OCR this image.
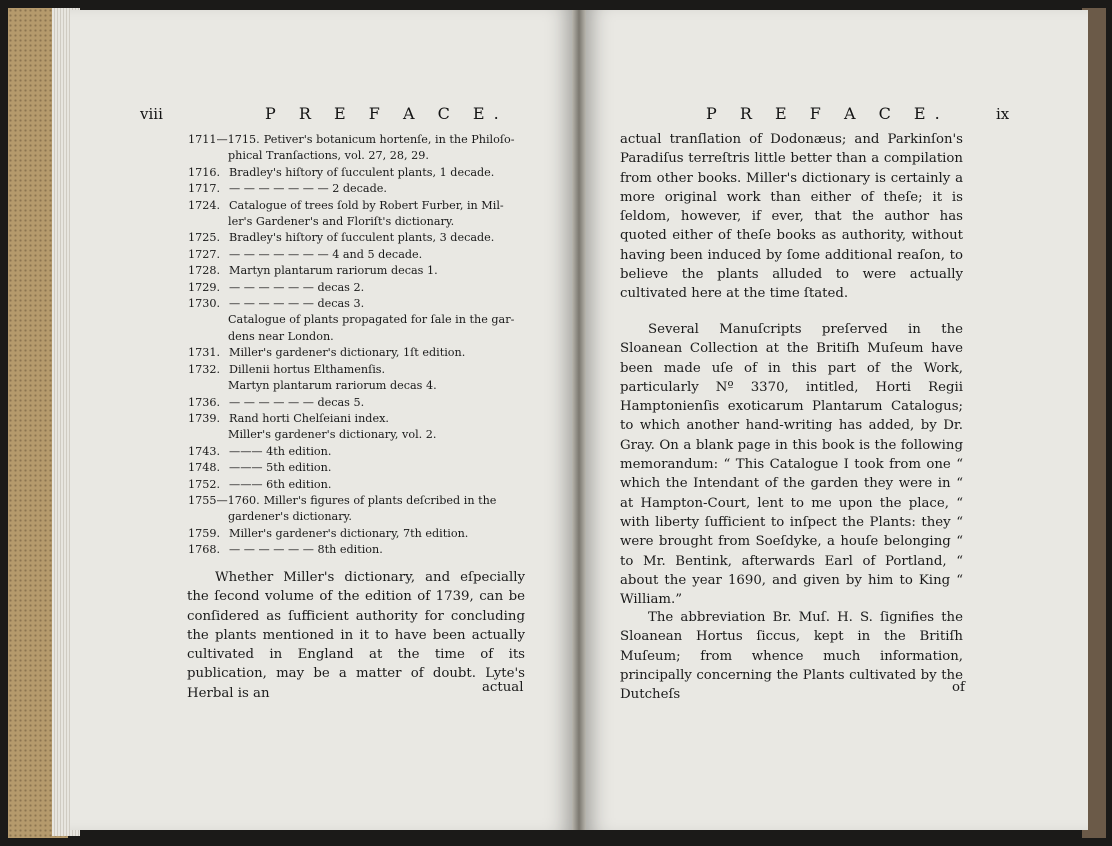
viii	P R E F A C E.
1711—1715. Petiver's botanicum hortenſe, in the Philoſo-
phical Tranſactions, vol. 27, 28, 29.
1716. Bradley's hiſtory of ſucculent plants, 1 decade.
1717. — — — — — — — 2 decade.
1724. Catalogue of trees ſold by Robert Furber, in Mil-
ler's Gardener's and Floriſt's dictionary.
1725. Bradley's hiſtory of ſucculent plants, 3 decade.
1727. — — — — — — — 4 and 5 decade.
1728. Martyn plantarum rariorum decas 1.
1729. — — — — — — decas 2.
1730. — — — — — — decas 3.
Catalogue of plants propagated for ſale in the gar-
dens near London.
1731. Miller's gardener's dictionary, 1ſt edition.
1732. Dillenii hortus Elthamenſis.
Martyn plantarum rariorum decas 4.
1736. — — — — — — decas 5.
1739. Rand horti Chelſeiani index.
Miller's gardener's dictionary, vol. 2.
1743. ——— 4th edition.
1748. ——— 5th edition.
1752. ——— 6th edition.
1755—1760. Miller's figures of plants deſcribed in the
gardener's dictionary.
1759. Miller's gardener's dictionary, 7th edition.
1768. — — — — — — 8th edition.

Whether Miller's dictionary, and eſpecially the ſecond volume of the edition of 1739, can be conſidered as ſufficient authority for concluding the plants mentioned in it to have been actually cultivated in England at the time of its publication, may be a matter of doubt. Lyte's Herbal is an	actual
P R E F A C E.	ix

actual tranſlation of Dodonæus; and Parkinſon's Paradiſus terreſtris little better than a compilation from other books. Miller's dictionary is certainly a more original work than either of theſe; it is ſeldom, however, if ever, that the author has quoted either of theſe books as authority, without having been induced by ſome additional reaſon, to believe the plants alluded to were actually cultivated here at the time ſtated.

Several Manuſcripts preſerved in the Sloanean Collection at the Britiſh Muſeum have been made uſe of in this part of the Work, particularly Nº 3370, intitled, Horti Regii Hamptonienſis exoticarum Plantarum Catalogus; to which another hand-writing has added, by Dr. Gray. On a blank page in this book is the following memorandum: “ This Catalogue I took from one “ which the Intendant of the garden they were in “ at Hampton-Court, lent to me upon the place, “ with liberty ſufficient to inſpect the Plants: they “ were brought from Soeſdyke, a houſe belonging “ to Mr. Bentink, afterwards Earl of Portland, “ about the year 1690, and given by him to King “ William.”

The abbreviation Br. Muſ. H. S. ſignifies the Sloanean Hortus ſiccus, kept in the Britiſh Muſeum; from whence much information, principally concerning the Plants cultivated by the Dutcheſs	of
